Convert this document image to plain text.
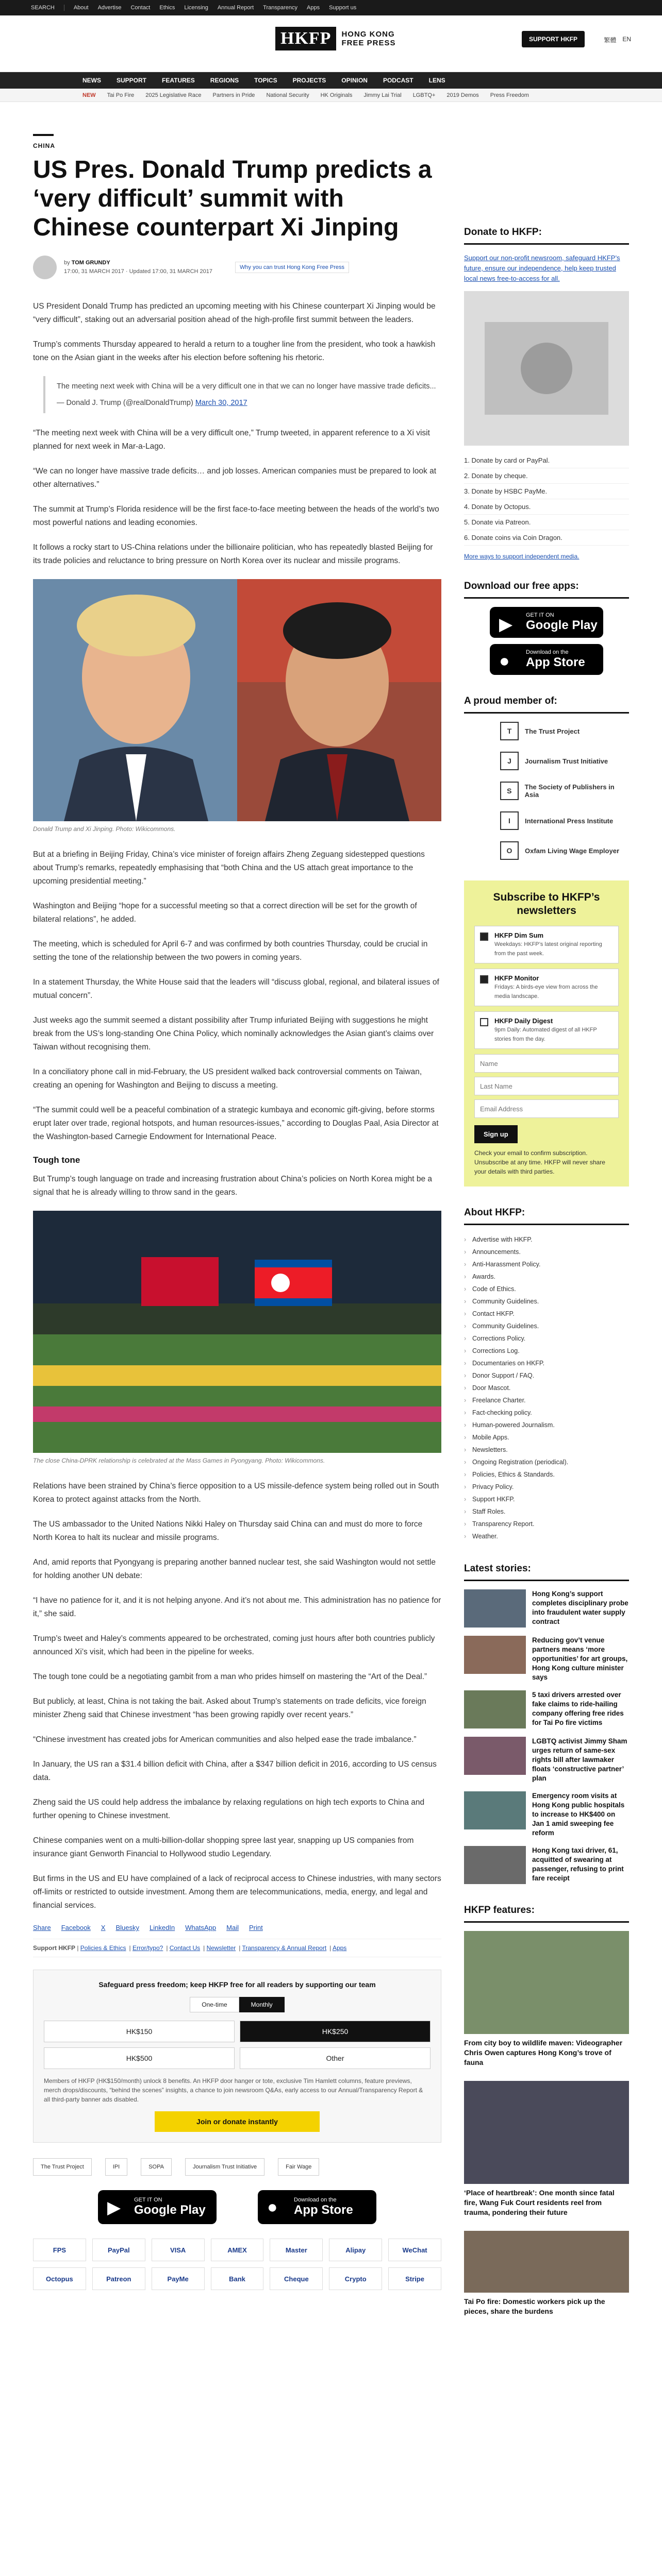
SEARCH	About Advertise Contact Ethics Licensing Annual Report Transparency Apps Support us
HKFP	HONG KONG
FREE PRESS	SUPPORT HKFP	繁體 EN
NEWS	SUPPORT	FEATURES	REGIONS	TOPICS	PROJECTS	OPINION	PODCAST	LENS
NEW Tai Po Fire 2025 Legislative Race Partners in Pride National Security HK Originals Jimmy Lai Trial LGBTQ+ 2019 Demos Press Freedom
CHINA
US Pres. Donald Trump predicts a ‘very difficult’ summit with Chinese counterpart Xi Jinping
by TOM GRUNDY
17:00, 31 MARCH 2017 · Updated 17:00, 31 MARCH 2017
Why you can trust Hong Kong Free Press

US President Donald Trump has predicted an upcoming meeting with his Chinese counterpart Xi Jinping would be “very difficult”, staking out an adversarial position ahead of the high-profile first summit between the leaders.

Trump’s comments Thursday appeared to herald a return to a tougher line from the president, who took a hawkish tone on the Asian giant in the weeks after his election before softening his rhetoric.

The meeting next week with China will be a very difficult one in that we can no longer have massive trade deficits...
— Donald J. Trump (@realDonaldTrump) March 30, 2017

“The meeting next week with China will be a very difficult one,” Trump tweeted, in apparent reference to a Xi visit planned for next week in Mar-a-Lago.

“We can no longer have massive trade deficits… and job losses. American companies must be prepared to look at other alternatives.”

The summit at Trump’s Florida residence will be the first face-to-face meeting between the heads of the world’s two most powerful nations and leading economies.

It follows a rocky start to US-China relations under the billionaire politician, who has repeatedly blasted Beijing for its trade policies and reluctance to bring pressure on North Korea over its nuclear and missile programs.

Donald Trump and Xi Jinping. Photo: Wikicommons.

But at a briefing in Beijing Friday, China’s vice minister of foreign affairs Zheng Zeguang sidestepped questions about Trump’s remarks, repeatedly emphasising that “both China and the US attach great importance to the upcoming presidential meeting.”

Washington and Beijing “hope for a successful meeting so that a correct direction will be set for the growth of bilateral relations”, he added.

The meeting, which is scheduled for April 6-7 and was confirmed by both countries Thursday, could be crucial in setting the tone of the relationship between the two powers in coming years.

In a statement Thursday, the White House said that the leaders will “discuss global, regional, and bilateral issues of mutual concern”.

Just weeks ago the summit seemed a distant possibility after Trump infuriated Beijing with suggestions he might break from the US’s long-standing One China Policy, which nominally acknowledges the Asian giant’s claims over Taiwan without recognising them.

In a conciliatory phone call in mid-February, the US president walked back controversial comments on Taiwan, creating an opening for Washington and Beijing to discuss a meeting.

“The summit could well be a peaceful combination of a strategic kumbaya and economic gift-giving, before storms erupt later over trade, regional hotspots, and human resources-issues,” according to Douglas Paal, Asia Director at the Washington-based Carnegie Endowment for International Peace.

Tough tone

But Trump’s tough language on trade and increasing frustration about China’s policies on North Korea might be a signal that he is already willing to throw sand in the gears.

The close China-DPRK relationship is celebrated at the Mass Games in Pyongyang. Photo: Wikicommons.

Relations have been strained by China’s fierce opposition to a US missile-defence system being rolled out in South Korea to protect against attacks from the North.

The US ambassador to the United Nations Nikki Haley on Thursday said China can and must do more to force North Korea to halt its nuclear and missile programs.

And, amid reports that Pyongyang is preparing another banned nuclear test, she said Washington would not settle for holding another UN debate:

“I have no patience for it, and it is not helping anyone. And it’s not about me. This administration has no patience for it,” she said.

Trump’s tweet and Haley’s comments appeared to be orchestrated, coming just hours after both countries publicly announced Xi’s visit, which had been in the pipeline for weeks.

The tough tone could be a negotiating gambit from a man who prides himself on mastering the “Art of the Deal.”

But publicly, at least, China is not taking the bait. Asked about Trump’s statements on trade deficits, vice foreign minister Zheng said that Chinese investment “has been growing rapidly over recent years.”

“Chinese investment has created jobs for American communities and also helped ease the trade imbalance.”

In January, the US ran a $31.4 billion deficit with China, after a $347 billion deficit in 2016, according to US census data.

Zheng said the US could help address the imbalance by relaxing regulations on high tech exports to China and further opening to Chinese investment.

Chinese companies went on a multi-billion-dollar shopping spree last year, snapping up US companies from insurance giant Genworth Financial to Hollywood studio Legendary.

But firms in the US and EU have complained of a lack of reciprocal access to Chinese industries, with many sectors off-limits or restricted to outside investment. Among them are telecommunications, media, energy, and legal and financial services.

Share Facebook X Bluesky LinkedIn WhatsApp Mail Print
Support HKFP | Policies & Ethics | Error/typo? | Contact Us | Newsletter | Transparency & Annual Report | Apps
Safeguard press freedom; keep HKFP free for all readers by supporting our team
One-time	Monthly
HK$150	HK$250
HK$500	Other
Members of HKFP (HK$150/month) unlock 8 benefits. An HKFP door hanger or tote, exclusive Tim Hamlett columns, feature previews, merch drops/discounts, “behind the scenes” insights, a chance to join newsroom Q&As, early access to our Annual/Transparency Report & all third-party banner ads disabled.
Join or donate instantly
The Trust Project	IPI	SOPA	Journalism Trust Initiative	Fair Wage
▶ GET IT ON
Google Play	●	Download on the
App Store
FPS	PayPal	VISA	AMEX	Master	Alipay	WeChat
Octopus	Patreon	PayMe	Bank	Cheque	Crypto	Stripe
Donate to HKFP:
Support our non-profit newsroom, safeguard HKFP’s future, ensure our independence, help keep trusted local news free-to-access for all.
1. Donate by card or PayPal.
2. Donate by cheque.
3. Donate by HSBC PayMe.
4. Donate by Octopus.
5. Donate via Patreon.
6. Donate coins via Coin Dragon.
More ways to support independent media.
Download our free apps:
▶ GET IT ON
Google Play
●	Download on the
App Store
A proud member of:
T	The Trust Project
J	Journalism Trust Initiative
S	The Society of Publishers in Asia
I	International Press Institute
O	Oxfam Living Wage Employer
Subscribe to HKFP’s newsletters
HKFP Dim Sum
Weekdays: HKFP’s latest original reporting from the past week.
HKFP Monitor
Fridays: A birds-eye view from across the media landscape.
HKFP Daily Digest
9pm Daily: Automated digest of all HKFP stories from the day.
Name Last Name Email Address Sign up
Check your email to confirm subscription. Unsubscribe at any time. HKFP will never share your details with third parties.
About HKFP:
› Advertise with HKFP.
› Announcements.
› Anti-Harassment Policy.
› Awards.
› Code of Ethics.
› Community Guidelines.
› Contact HKFP.
› Community Guidelines.
› Corrections Policy.
› Corrections Log.
› Documentaries on HKFP.
› Donor Support / FAQ.
› Door Mascot.
› Freelance Charter.
› Fact-checking policy.
› Human-powered Journalism.
› Mobile Apps.
› Newsletters.
› Ongoing Registration (periodical).
› Policies, Ethics & Standards.
› Privacy Policy.
› Support HKFP.
› Staff Roles.
› Transparency Report.
› Weather.
Latest stories:
Hong Kong’s support completes disciplinary probe into fraudulent water supply contract
Reducing gov’t venue partners means ‘more opportunities’ for art groups, Hong Kong culture minister says
5 taxi drivers arrested over fake claims to ride-hailing company offering free rides for Tai Po fire victims
LGBTQ activist Jimmy Sham urges return of same-sex rights bill after lawmaker floats ‘constructive partner’ plan
Emergency room visits at Hong Kong public hospitals to increase to HK$400 on Jan 1 amid sweeping fee reform
Hong Kong taxi driver, 61, acquitted of swearing at passenger, refusing to print fare receipt
HKFP features:
From city boy to wildlife maven: Videographer Chris Owen captures Hong Kong’s trove of fauna
‘Place of heartbreak’: One month since fatal fire, Wang Fuk Court residents reel from trauma, pondering their future
Tai Po fire: Domestic workers pick up the pieces, share the burdens
